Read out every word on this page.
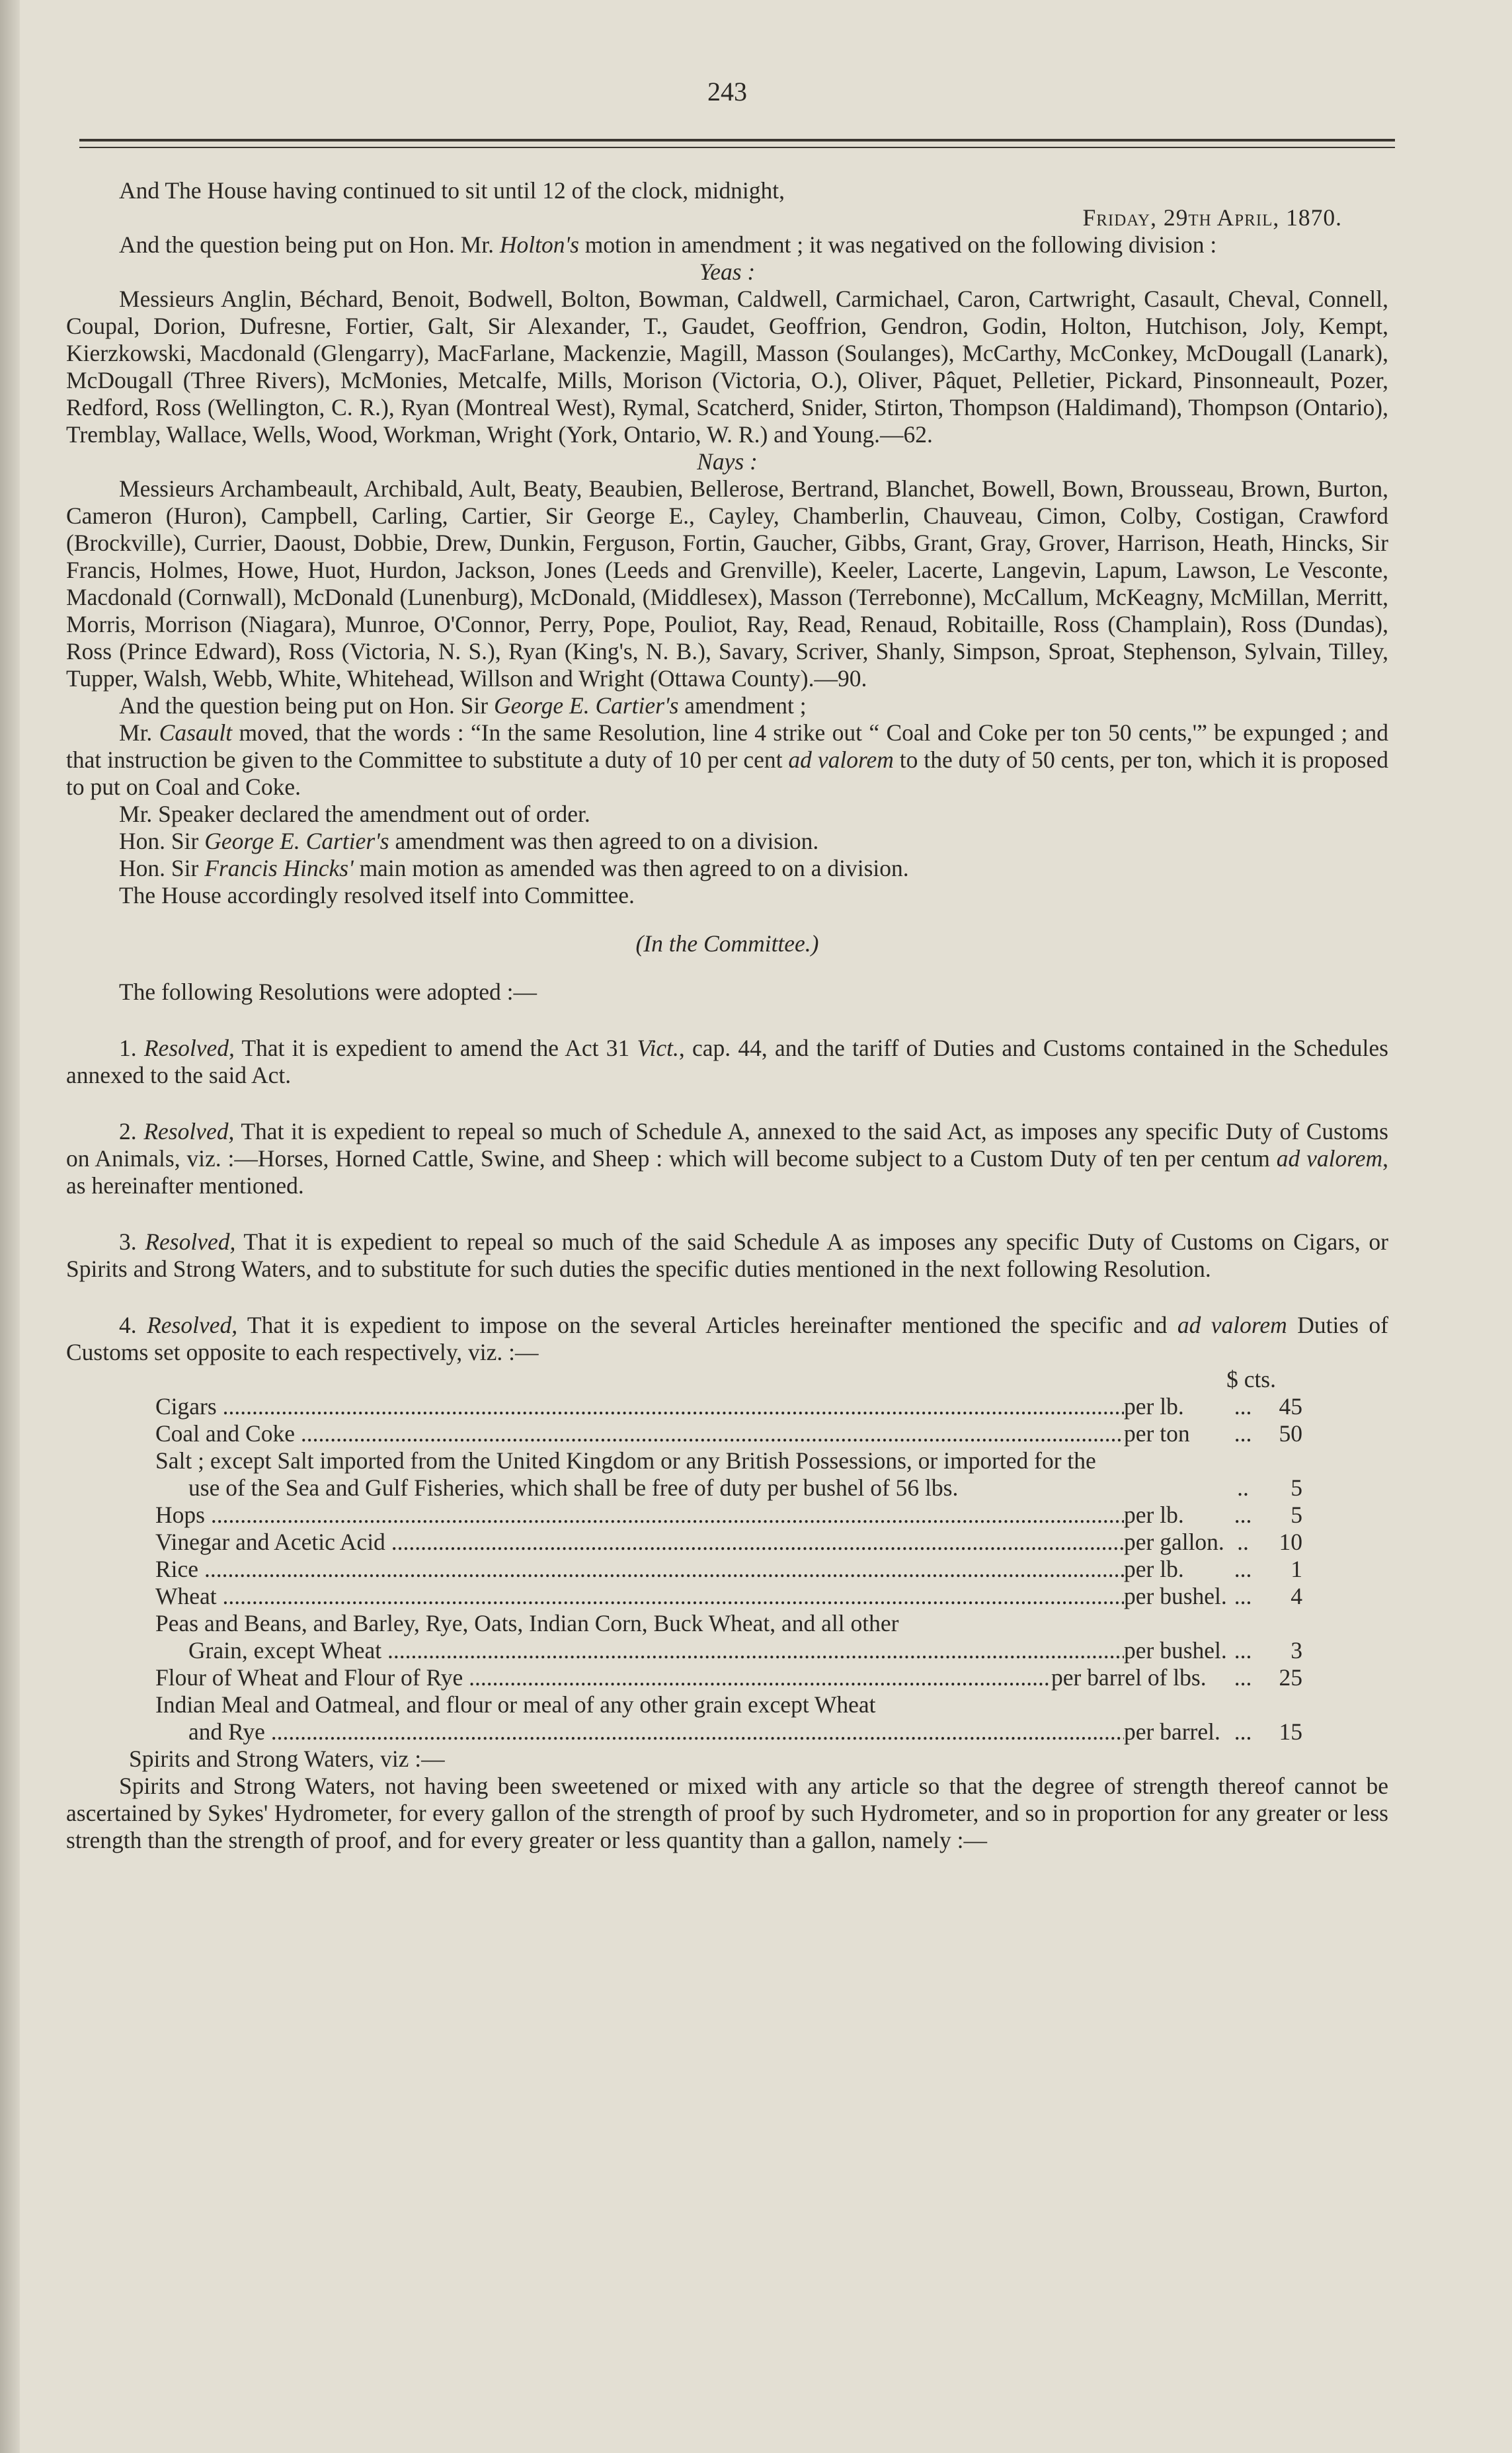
243

And The House having continued to sit until 12 of the clock, midnight,

Friday, 29th April, 1870.

And the question being put on Hon. Mr. Holton's motion in amendment ; it was negatived on the following division :

Yeas :

Messieurs Anglin, Béchard, Benoit, Bodwell, Bolton, Bowman, Caldwell, Carmichael, Caron, Cartwright, Casault, Cheval, Connell, Coupal, Dorion, Dufresne, Fortier, Galt, Sir Alexander, T., Gaudet, Geoffrion, Gendron, Godin, Holton, Hutchison, Joly, Kempt, Kierzkowski, Macdonald (Glengarry), MacFarlane, Mackenzie, Magill, Masson (Soulanges), McCarthy, McConkey, McDougall (Lanark), McDougall (Three Rivers), McMonies, Metcalfe, Mills, Morison (Victoria, O.), Oliver, Pâquet, Pelletier, Pickard, Pinsonneault, Pozer, Redford, Ross (Wellington, C. R.), Ryan (Montreal West), Rymal, Scatcherd, Snider, Stirton, Thompson (Haldimand), Thompson (Ontario), Tremblay, Wallace, Wells, Wood, Workman, Wright (York, Ontario, W. R.) and Young.—62.

Nays :

Messieurs Archambeault, Archibald, Ault, Beaty, Beaubien, Bellerose, Bertrand, Blanchet, Bowell, Bown, Brousseau, Brown, Burton, Cameron (Huron), Campbell, Carling, Cartier, Sir George E., Cayley, Chamberlin, Chauveau, Cimon, Colby, Costigan, Crawford (Brockville), Currier, Daoust, Dobbie, Drew, Dunkin, Ferguson, Fortin, Gaucher, Gibbs, Grant, Gray, Grover, Harrison, Heath, Hincks, Sir Francis, Holmes, Howe, Huot, Hurdon, Jackson, Jones (Leeds and Grenville), Keeler, Lacerte, Langevin, Lapum, Lawson, Le Vesconte, Macdonald (Cornwall), McDonald (Lunenburg), McDonald, (Middlesex), Masson (Terrebonne), McCallum, McKeagny, McMillan, Merritt, Morris, Morrison (Niagara), Munroe, O'Connor, Perry, Pope, Pouliot, Ray, Read, Renaud, Robitaille, Ross (Champlain), Ross (Dundas), Ross (Prince Edward), Ross (Victoria, N. S.), Ryan (King's, N. B.), Savary, Scriver, Shanly, Simpson, Sproat, Stephenson, Sylvain, Tilley, Tupper, Walsh, Webb, White, Whitehead, Willson and Wright (Ottawa County).—90.

And the question being put on Hon. Sir George E. Cartier's amendment ;

Mr. Casault moved, that the words : “In the same Resolution, line 4 strike out “ Coal and Coke per ton 50 cents,'” be expunged ; and that instruction be given to the Committee to substitute a duty of 10 per cent ad valorem to the duty of 50 cents, per ton, which it is proposed to put on Coal and Coke.

Mr. Speaker declared the amendment out of order.

Hon. Sir George E. Cartier's amendment was then agreed to on a division.

Hon. Sir Francis Hincks' main motion as amended was then agreed to on a division.

The House accordingly resolved itself into Committee.

(In the Committee.)

The following Resolutions were adopted :—

1. Resolved, That it is expedient to amend the Act 31 Vict., cap. 44, and the tariff of Duties and Customs contained in the Schedules annexed to the said Act.

2. Resolved, That it is expedient to repeal so much of Schedule A, annexed to the said Act, as imposes any specific Duty of Customs on Animals, viz. :—Horses, Horned Cattle, Swine, and Sheep : which will become subject to a Custom Duty of ten per centum ad valorem, as hereinafter mentioned.

3. Resolved, That it is expedient to repeal so much of the said Schedule A as imposes any specific Duty of Customs on Cigars, or Spirits and Strong Waters, and to substitute for such duties the specific duties mentioned in the next following Resolution.

4. Resolved, That it is expedient to impose on the several Articles hereinafter mentioned the specific and ad valorem Duties of Customs set opposite to each respectively, viz. :—

$ cts.
Cigars .....	per lb.	...	45
Coal and Coke .....	per ton	...	50
Salt ; except Salt imported from the United Kingdom or any British Possessions, or imported for the
use of the Sea and Gulf Fisheries, which shall be free of duty per bushel of 56 lbs.	..	5
Hops .....	per lb.	...	5
Vinegar and Acetic Acid .....	per gallon. ..	10
Rice .....	per lb.	...	1
Wheat .....	per bushel. ...	4
Peas and Beans, and Barley, Rye, Oats, Indian Corn, Buck Wheat, and all other
Grain, except Wheat .....	per bushel. ...	3
Flour of Wheat and Flour of Rye .....	per barrel of lbs.	...	25
Indian Meal and Oatmeal, and flour or meal of any other grain except Wheat
and Rye .....	per barrel. ...	15

Spirits and Strong Waters, viz :—

Spirits and Strong Waters, not having been sweetened or mixed with any article so that the degree of strength thereof cannot be ascertained by Sykes' Hydrometer, for every gallon of the strength of proof by such Hydrometer, and so in proportion for any greater or less strength than the strength of proof, and for every greater or less quantity than a gallon, namely :—
